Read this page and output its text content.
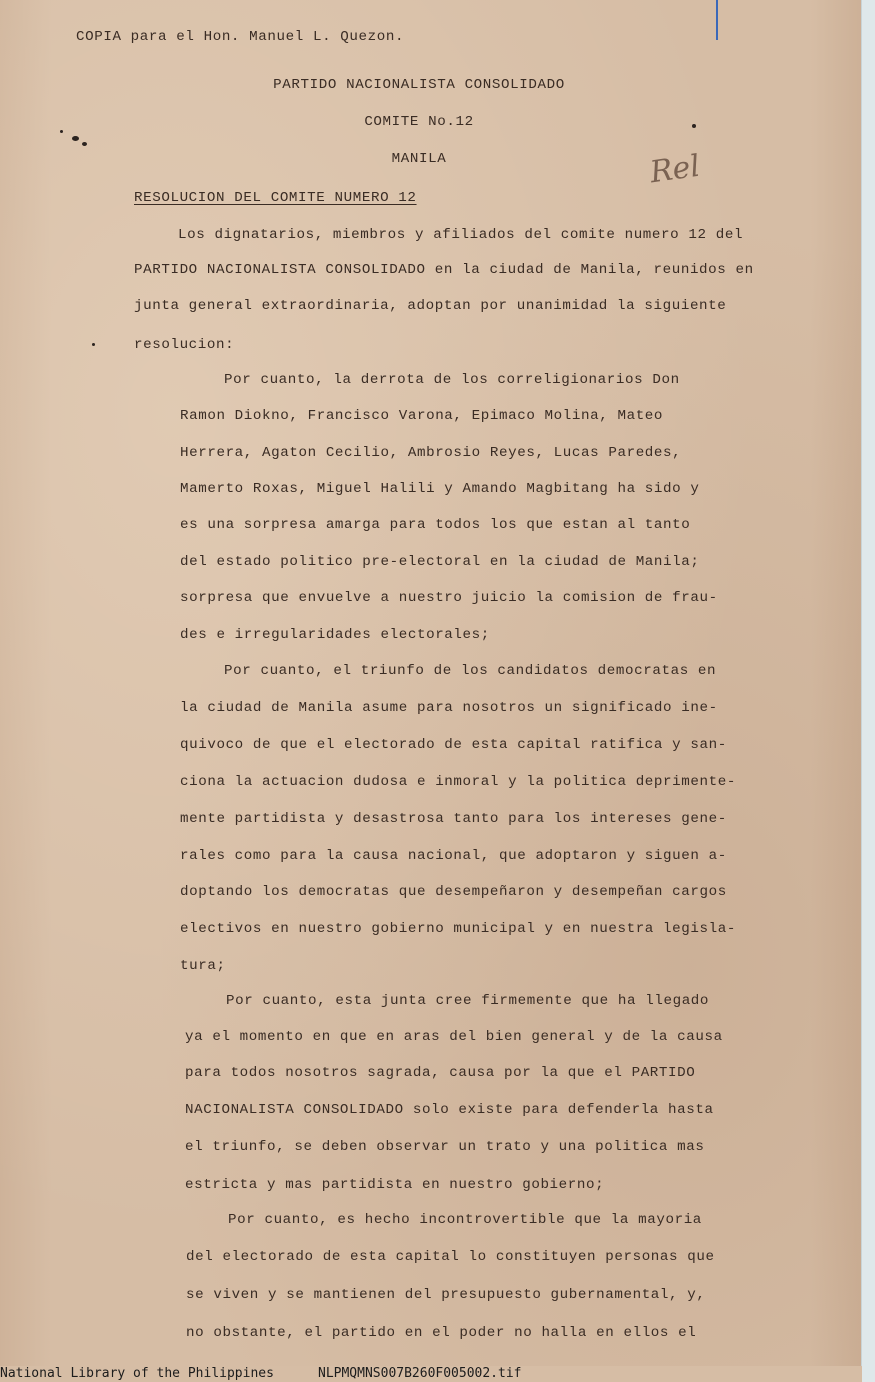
COPIA para el Hon. Manuel L. Quezon.
PARTIDO NACIONALISTA CONSOLIDADO
COMITE No.12
MANILA	Rel
RESOLUCION DEL COMITE NUMERO 12
Los dignatarios, miembros y afiliados del comite numero 12 del
PARTIDO NACIONALISTA CONSOLIDADO en la ciudad de Manila, reunidos en
junta general extraordinaria, adoptan por unanimidad la siguiente
resolucion:
Por cuanto, la derrota de los correligionarios Don
Ramon Diokno, Francisco Varona, Epimaco Molina, Mateo
Herrera, Agaton Cecilio, Ambrosio Reyes, Lucas Paredes,
Mamerto Roxas, Miguel Halili y Amando Magbitang ha sido y
es una sorpresa amarga para todos los que estan al tanto
del estado politico pre-electoral en la ciudad de Manila;
sorpresa que envuelve a nuestro juicio la comision de frau-
des e irregularidades electorales;
Por cuanto, el triunfo de los candidatos democratas en
la ciudad de Manila asume para nosotros un significado ine-
quivoco de que el electorado de esta capital ratifica y san-
ciona la actuacion dudosa e inmoral y la politica deprimente-
mente partidista y desastrosa tanto para los intereses gene-
rales como para la causa nacional, que adoptaron y siguen a-
doptando los democratas que desempeñaron y desempeñan cargos
electivos en nuestro gobierno municipal y en nuestra legisla-
tura;
Por cuanto, esta junta cree firmemente que ha llegado
ya el momento en que en aras del bien general y de la causa
para todos nosotros sagrada, causa por la que el PARTIDO
NACIONALISTA CONSOLIDADO solo existe para defenderla hasta
el triunfo, se deben observar un trato y una politica mas
estricta y mas partidista en nuestro gobierno;
Por cuanto, es hecho incontrovertible que la mayoria
del electorado de esta capital lo constituyen personas que
se viven y se mantienen del presupuesto gubernamental, y,
no obstante, el partido en el poder no halla en ellos el
National Library of the Philippines	NLPMQMNS007B260F005002.tif
